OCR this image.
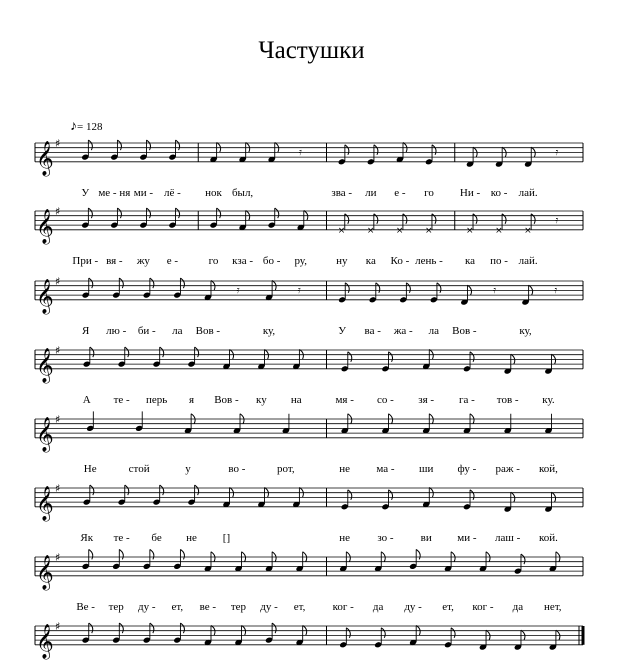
Частушки
♪= 128
𝄞 ♯
У ме - ня ми - лё - нок был,
𝄿
зва - ли е - го Ни - ко - лай.
𝄿
𝄞 ♯
При - вя - жу е -	го кза - бо - ру,
×
ну
×
ка
×
Ко -
×
лень -
×
ка
×
по -
×
лай.
𝄿
𝄞 ♯
Я лю - би - ла Вов -
𝄿
ку,
𝄿
У ва - жа - ла Вов -
𝄿
ку,
𝄿
𝄞 ♯
А те - перь я Вов - ку на	мя - со - зя - га - тов - ку.
𝄞 ♯
Не	стой	у	во -	рот,	не ма - ши фу - раж - кой,
𝄞 ♯
Як те - бе не []	не зо - ви ми - лаш - кой.
𝄞 ♯
Ве - тер ду - ет, ве - тер ду - ет, ког - да ду - ет, ког - да нет,
𝄞 ♯
